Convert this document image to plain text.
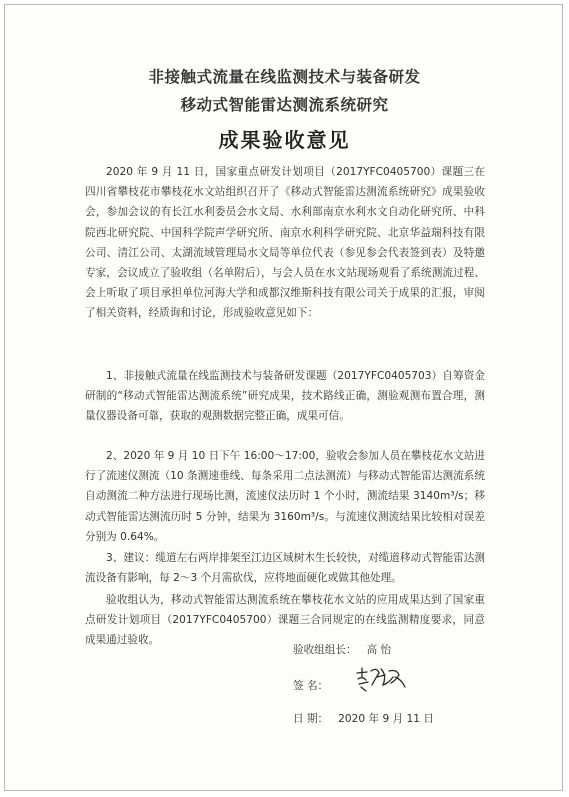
非接触式流量在线监测技术与装备研发
移动式智能雷达测流系统研究
成果验收意见
2020 年 9 月 11 日，国家重点研发计划项目（2017YFC0405700）课题三在四川省攀枝花市攀枝花水文站组织召开了《移动式智能雷达测流系统研究》成果验收会，参加会议的有长江水利委员会水文局、水利部南京水利水文自动化研究所、中科院西北研究院、中国科学院声学研究所、南京水利科学研究院、北京华益瑞科技有限公司、清江公司、太湖流域管理局水文局等单位代表（参见参会代表签到表）及特邀专家，会议成立了验收组（名单附后），与会人员在水文站现场观看了系统测流过程、会上听取了项目承担单位河海大学和成都汉维斯科技有限公司关于成果的汇报，审阅了相关资料，经质询和讨论，形成验收意见如下：
1、非接触式流量在线监测技术与装备研发课题（2017YFC0405703）自筹资金研制的“移动式智能雷达测流系统”研究成果，技术路线正确，测验观测布置合理，测量仪器设备可靠，获取的观测数据完整正确，成果可信。
2、2020 年 9 月 10 日下午 16:00～17:00，验收会参加人员在攀枝花水文站进行了流速仪测流（10 条测速垂线、每条采用二点法测流）与移动式智能雷达测流系统自动测流二种方法进行现场比测，流速仪法历时 1 个小时，测流结果 3140m³/s；移动式智能雷达测流历时 5 分钟，结果为 3160m³/s。与流速仪测流结果比较相对误差分别为 0.64%。
3、建议：缆道左右两岸排架至江边区域树木生长较快，对缆道移动式智能雷达测流设备有影响，每 2～3 个月需砍伐，应将地面硬化或做其他处理。
验收组认为，移动式智能雷达测流系统在攀枝花水文站的应用成果达到了国家重点研发计划项目（2017YFC0405700）课题三合同规定的在线监测精度要求，同意成果通过验收。
验收组组长： 高 怡
签 名：
日 期： 2020 年 9 月 11 日
